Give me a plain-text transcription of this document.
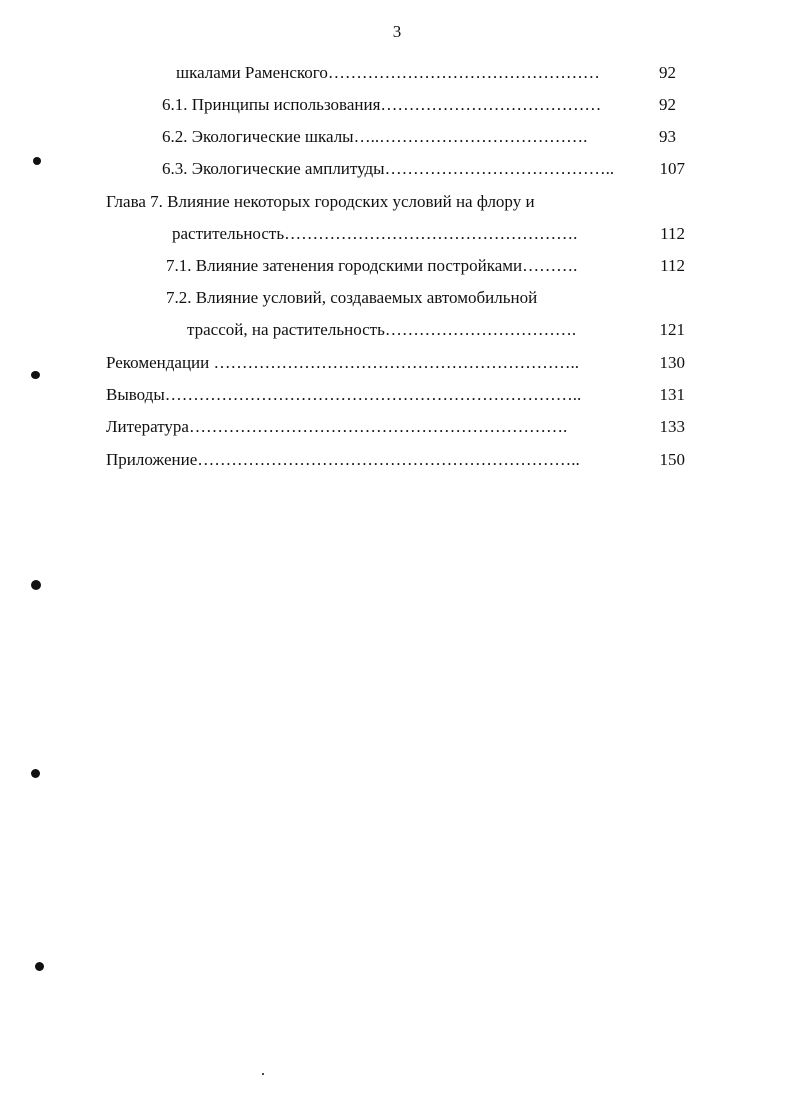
3
шкалами Раменского…………………………………………	92
6.1. Принципы использования…………………………………	92
6.2. Экологические шкалы…..……………………………….	93
6.3. Экологические амплитуды…………………………………..	107
Глава 7. Влияние некоторых городских условий на флору и
растительность…………………………………………….	112
7.1. Влияние затенения городскими постройками……….	112
7.2. Влияние условий, создаваемых автомобильной
трассой, на растительность…………………………….	121
Рекомендации ………………………………………………………..	130
Выводы………………………………………………………………..	131
Литература………………………………………………………….	133
Приложение…………………………………………………………..	150
